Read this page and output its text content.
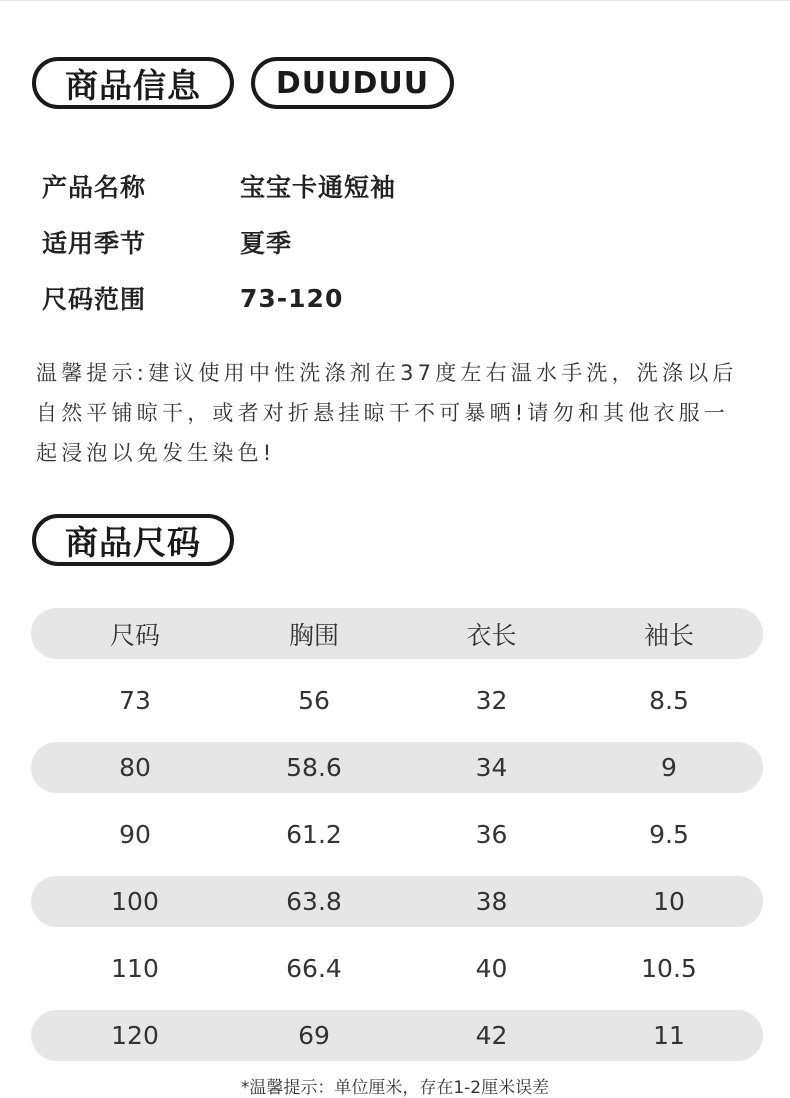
商品信息 DUUDUU
产品名称	宝宝卡通短袖
适用季节	夏季
尺码范围	73-120
温馨提示:建议使用中性洗涤剂在37度左右温水手洗，洗涤以后自然平铺晾干，或者对折悬挂晾干不可暴晒!请勿和其他衣服一起浸泡以免发生染色!
商品尺码
尺码	胸围	衣长	袖长
73	56	32	8.5
80	58.6	34	9
90	61.2	36	9.5
100	63.8	38	10
110	66.4	40	10.5
120	69	42	11
*温馨提示：单位厘米，存在1-2厘米误差
